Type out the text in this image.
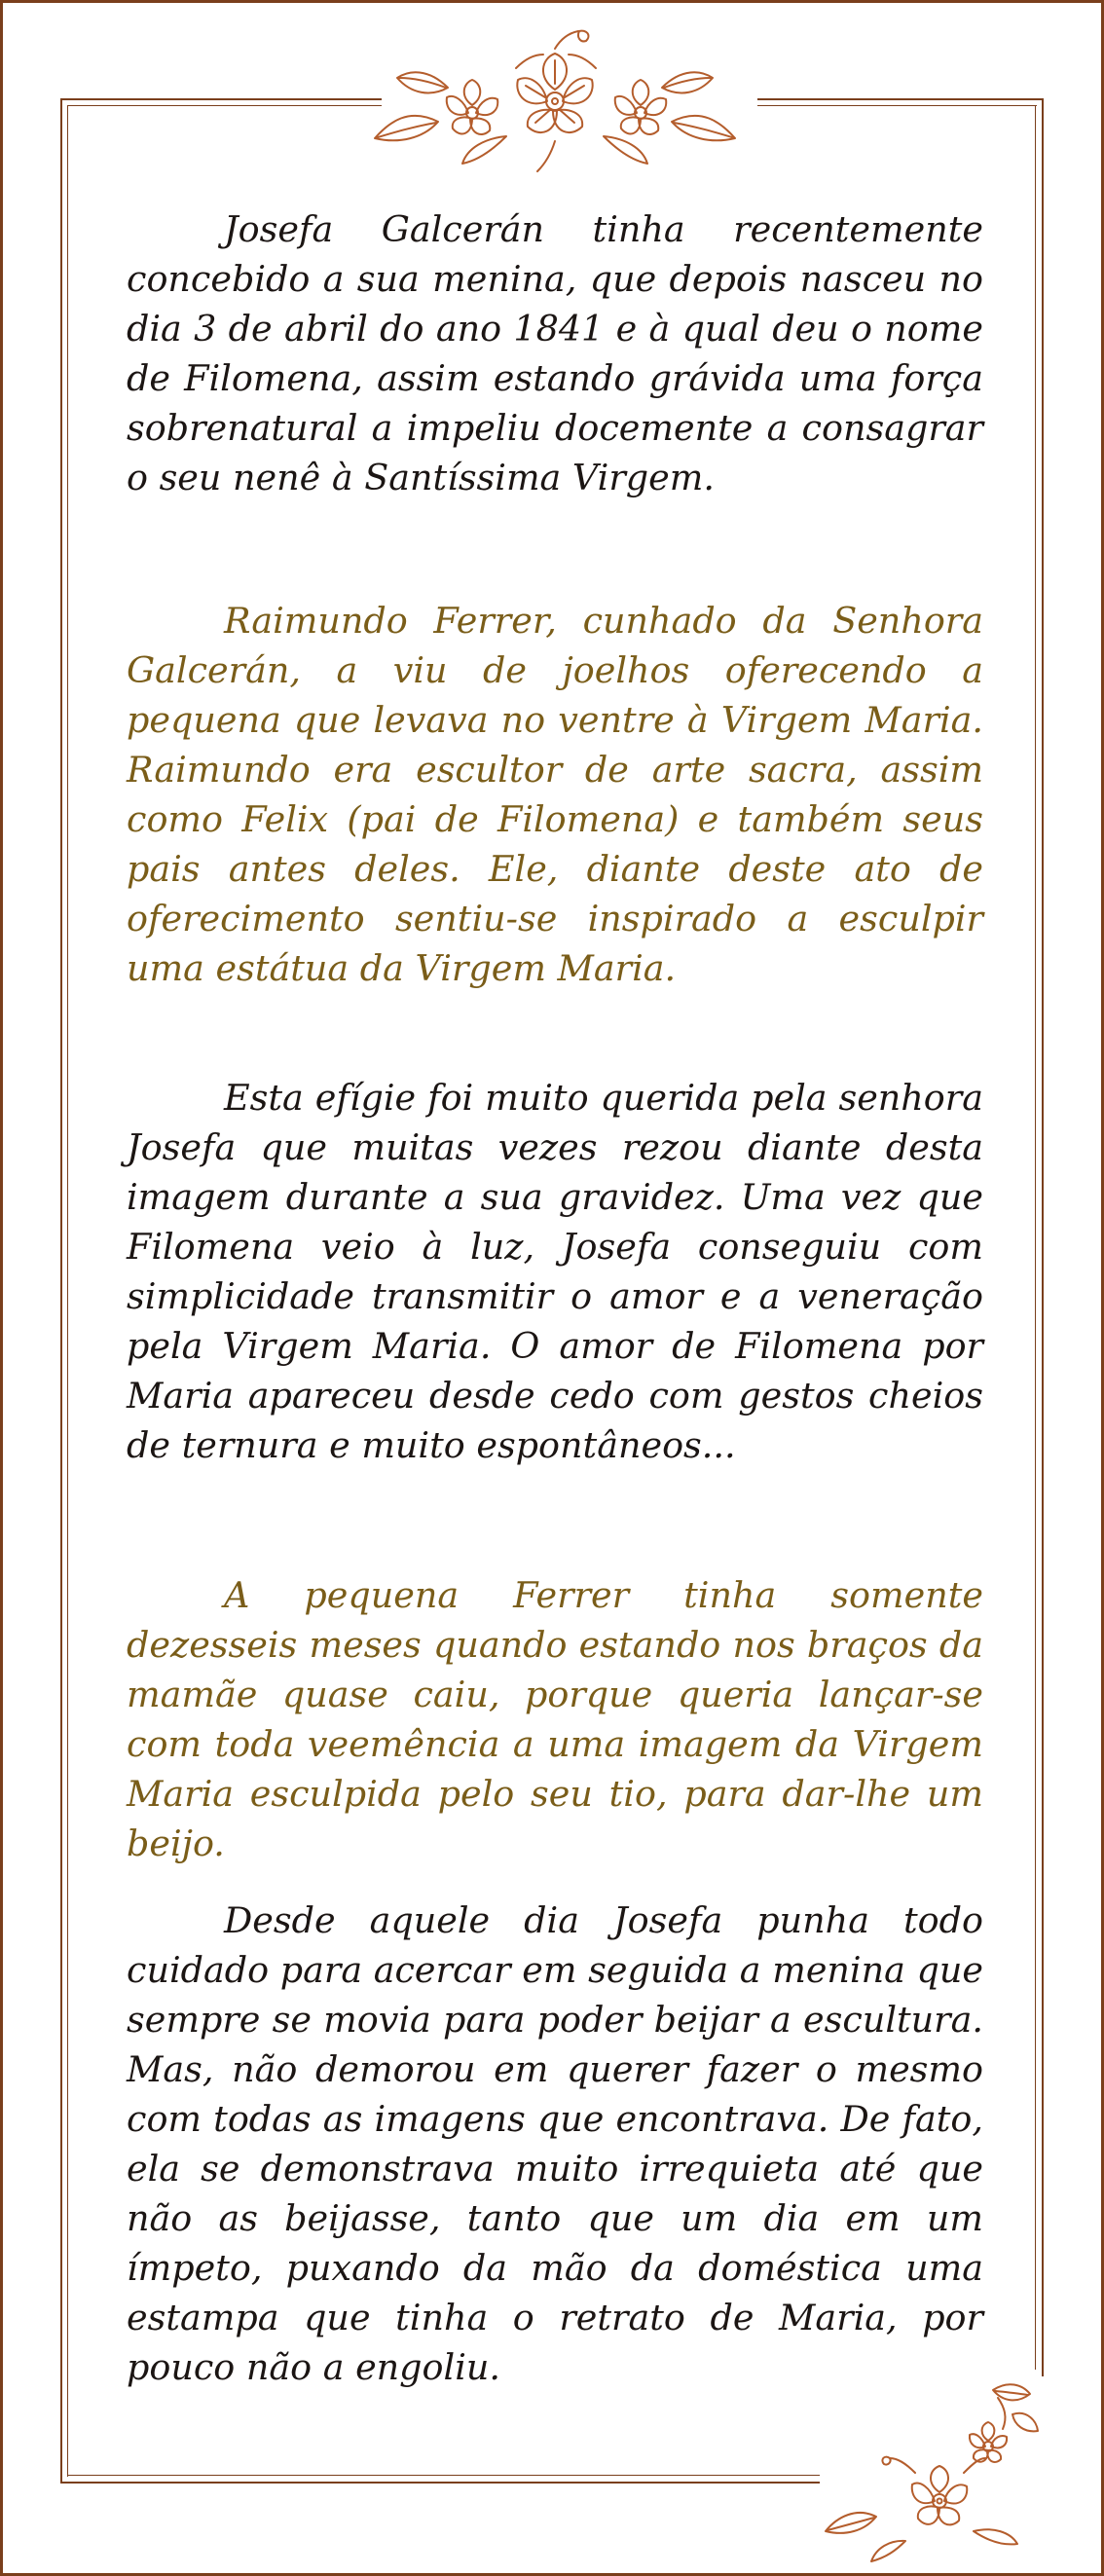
Josefa Galcerán tinha recentemente concebido a sua menina, que depois nasceu no dia 3 de abril do ano 1841 e à qual deu o nome de Filomena, assim estando grávida uma força sobrenatural a impeliu docemente a consagrar o seu nenê à Santíssima Virgem.

Raimundo Ferrer, cunhado da Senhora Galcerán, a viu de joelhos oferecendo a pequena que levava no ventre à Virgem Maria. Raimundo era escultor de arte sacra, assim como Felix (pai de Filomena) e também seus pais antes deles. Ele, diante deste ato de oferecimento sentiu-se inspirado a esculpir uma estátua da Virgem Maria.

Esta efígie foi muito querida pela senhora Josefa que muitas vezes rezou diante desta imagem durante a sua gravidez. Uma vez que Filomena veio à luz, Josefa conseguiu com simplicidade transmitir o amor e a veneração pela Virgem Maria. O amor de Filomena por Maria apareceu desde cedo com gestos cheios de ternura e muito espontâneos...

A pequena Ferrer tinha somente dezesseis meses quando estando nos braços da mamãe quase caiu, porque queria lançar-se com toda veemência a uma imagem da Virgem Maria esculpida pelo seu tio, para dar-lhe um beijo.

Desde aquele dia Josefa punha todo cuidado para acercar em seguida a menina que sempre se movia para poder beijar a escultura. Mas, não demorou em querer fazer o mesmo com todas as imagens que encontrava. De fato, ela se demonstrava muito irrequieta até que não as beijasse, tanto que um dia em um ímpeto, puxando da mão da doméstica uma estampa que tinha o retrato de Maria, por pouco não a engoliu.
